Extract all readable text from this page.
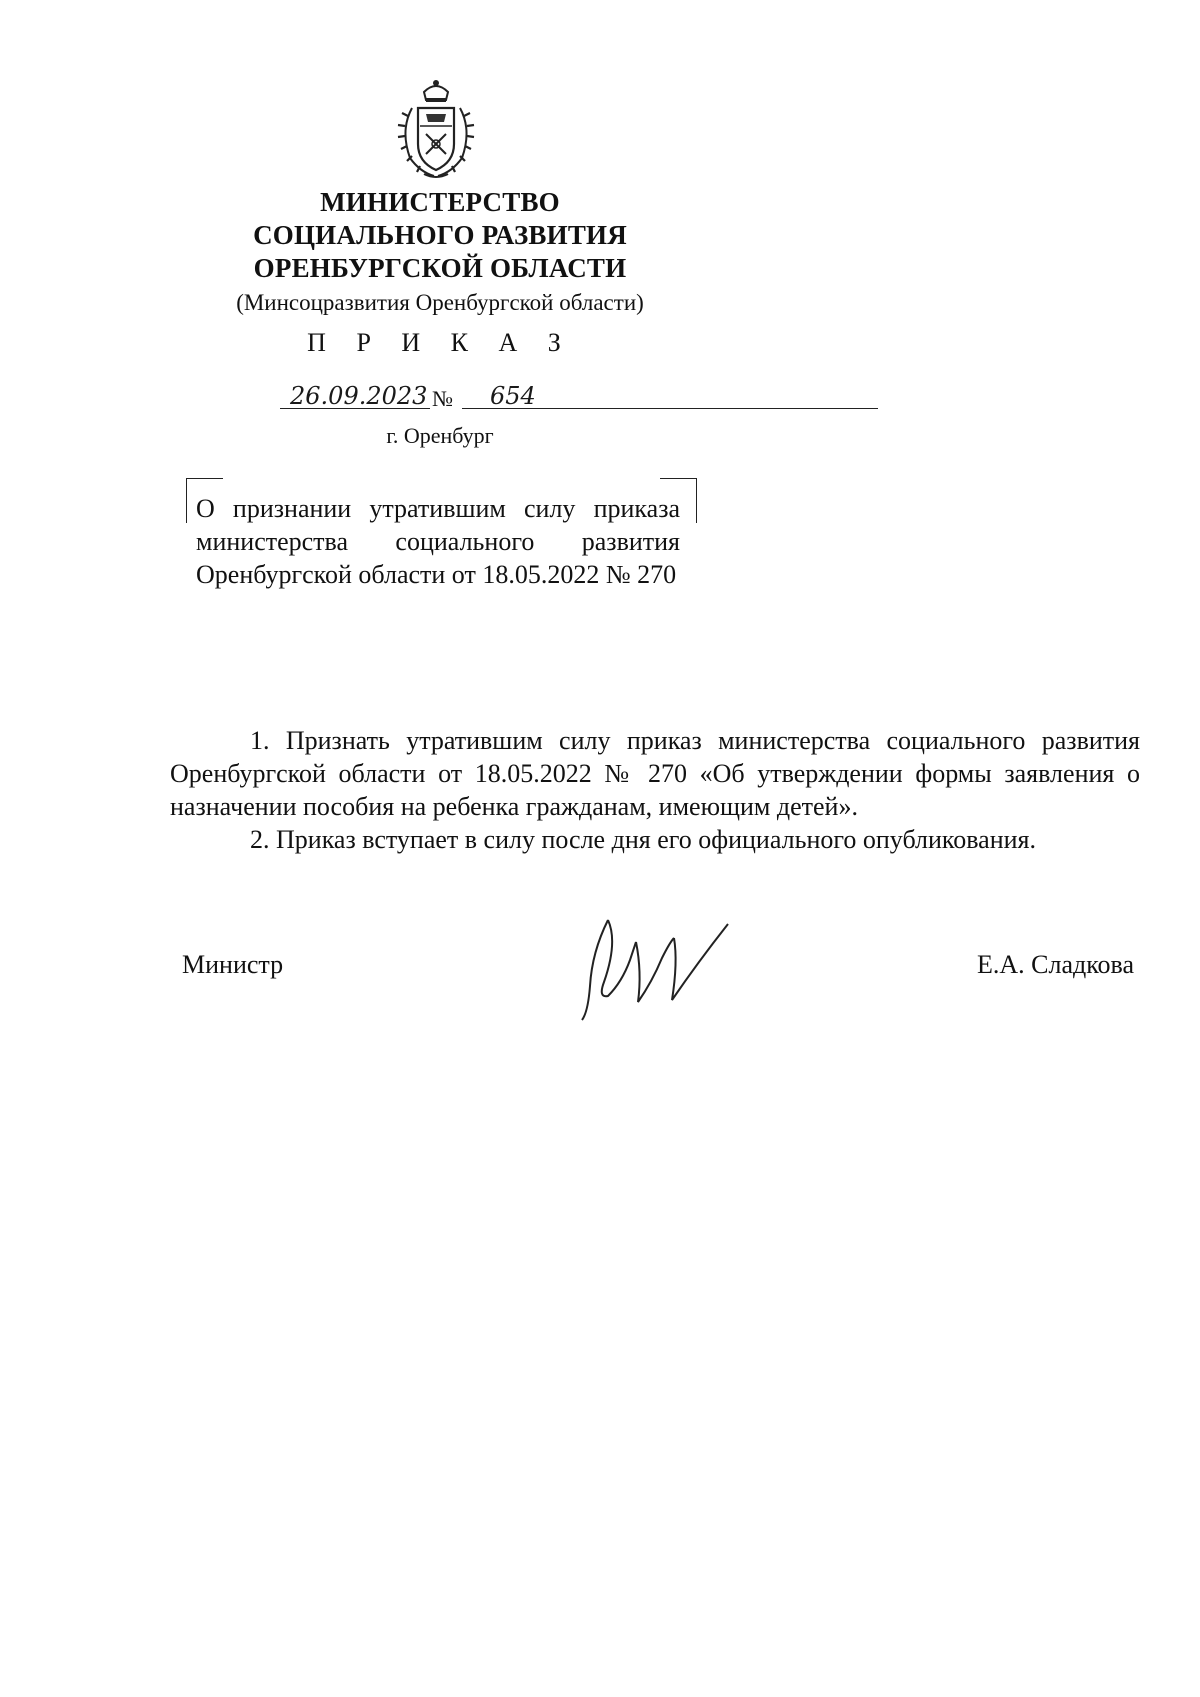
МИНИСТЕРСТВО
СОЦИАЛЬНОГО РАЗВИТИЯ
ОРЕНБУРГСКОЙ ОБЛАСТИ
(Минсоцразвития Оренбургской области)
П Р И К А З
26.09.2023 № 654
г. Оренбург
О признании утратившим силу приказа министерства социального развития Оренбургской области от 18.05.2022 № 270

1. Признать утратившим силу приказ министерства социального развития Оренбургской области от 18.05.2022 № 270 «Об утверждении формы заявления о назначении пособия на ребенка гражданам, имеющим детей».

2. Приказ вступает в силу после дня его официального опубликования.

Министр	Е.А. Сладкова
